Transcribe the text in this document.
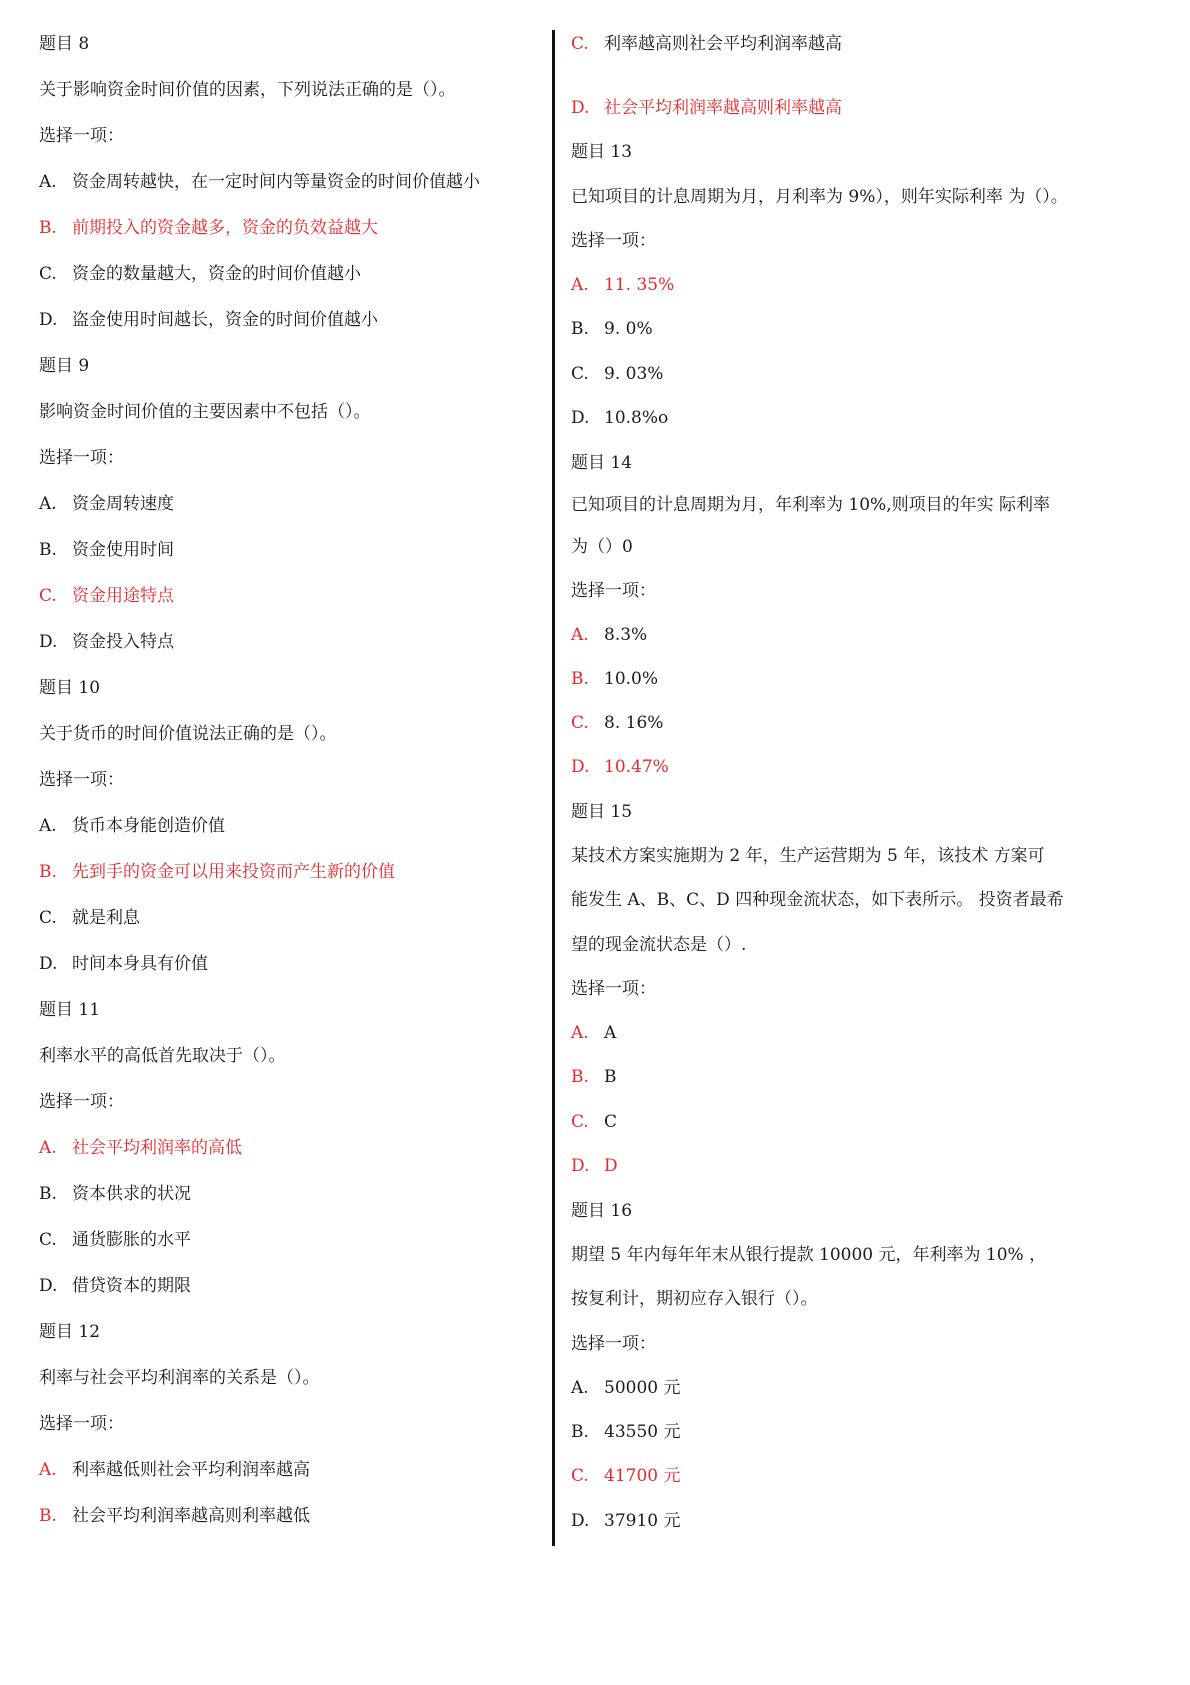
题目 8
关于影响资金时间价值的因素，下列说法正确的是（）。
选择一项：
A. 资金周转越快，在一定时间内等量资金的时间价值越小
B. 前期投入的资金越多，资金的负效益越大
C. 资金的数量越大，资金的时间价值越小
D. 盗金使用时间越长，资金的时间价值越小
题目 9
影响资金时间价值的主要因素中不包括（）。
选择一项：
A. 资金周转速度
B. 资金使用时间
C. 资金用途特点
D. 资金投入特点
题目 10
关于货币的时间价值说法正确的是（）。
选择一项：
A. 货币本身能创造价值
B. 先到手的资金可以用来投资而产生新的价值
C. 就是利息
D. 时间本身具有价值
题目 11
利率水平的高低首先取决于（）。
选择一项：
A. 社会平均利润率的高低
B. 资本供求的状况
C. 通货膨胀的水平
D. 借贷资本的期限
题目 12
利率与社会平均利润率的关系是（）。
选择一项：
A. 利率越低则社会平均利润率越高
B. 社会平均利润率越高则利率越低
C. 利率越高则社会平均利润率越高
D. 社会平均利润率越高则利率越高
题目 13
已知项目的计息周期为月，月利率为 9%），则年实际利率 为（）。
选择一项：
A. 11. 35%
B. 9. 0%
C. 9. 03%
D. 10.8%o
题目 14
已知项目的计息周期为月，年利率为 10%,则项目的年实 际利率
为（）0
选择一项：
A. 8.3%
B. 10.0%
C. 8. 16%
D. 10.47%
题目 15
某技术方案实施期为 2 年，生产运营期为 5 年，该技术 方案可
能发生 A、B、C、D 四种现金流状态，如下表所示。 投资者最希
望的现金流状态是（）.
选择一项：
A. A
B. B
C. C
D. D
题目 16
期望 5 年内每年年末从银行提款 10000 元，年利率为 10% ，
按复利计，期初应存入银行（）。
选择一项：
A. 50000 元
B. 43550 元
C. 41700 元
D. 37910 元
